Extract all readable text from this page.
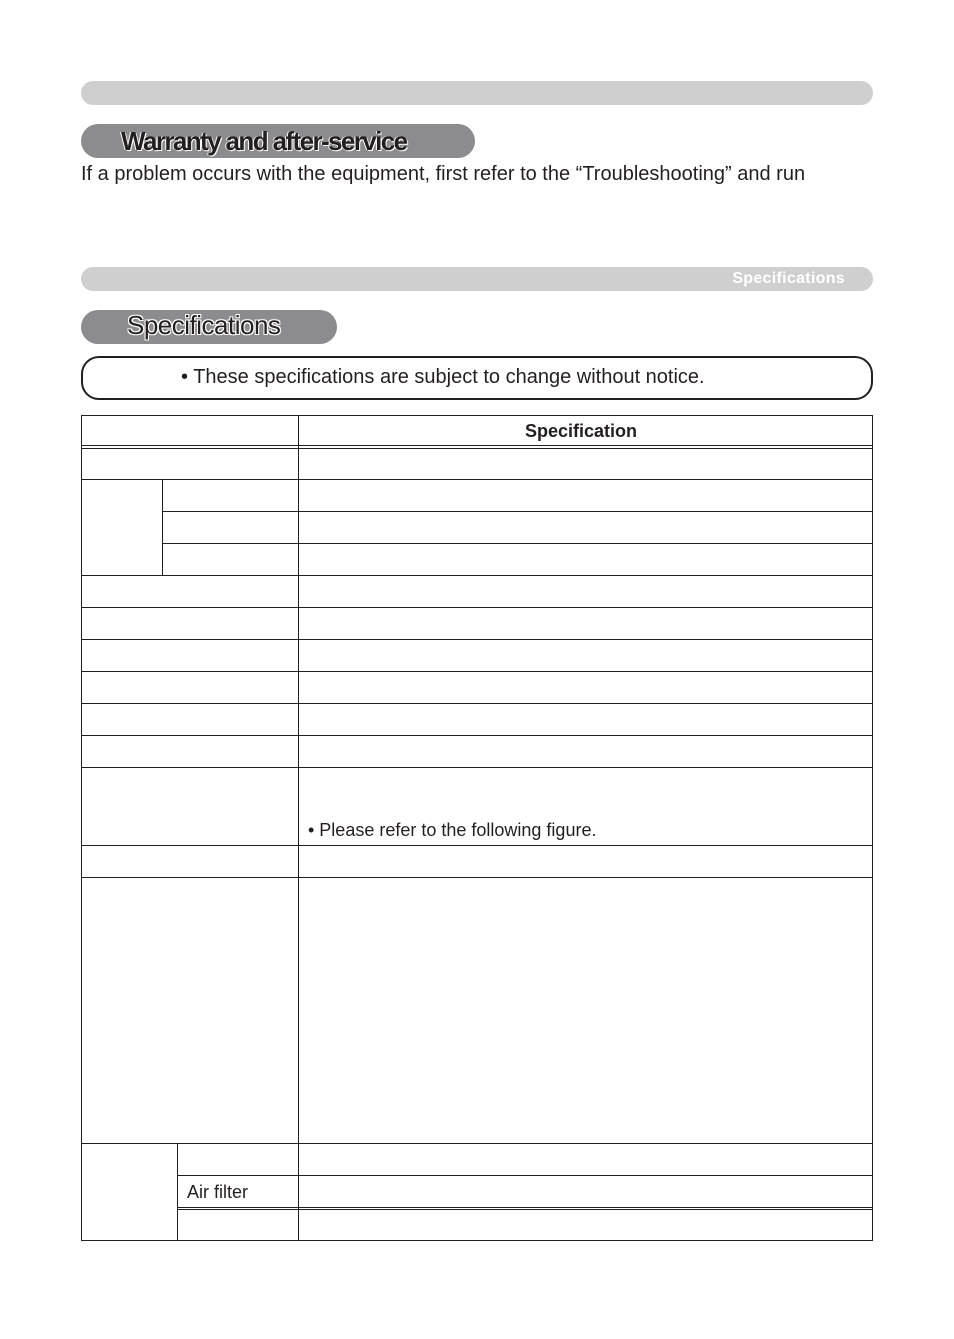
Warranty and after-service
If a problem occurs with the equipment, first refer to the “Troubleshooting” and run
Specifications
Specifications
• These specifications are subject to change without notice.
Specification
• Please refer to the following figure.
Air filter
